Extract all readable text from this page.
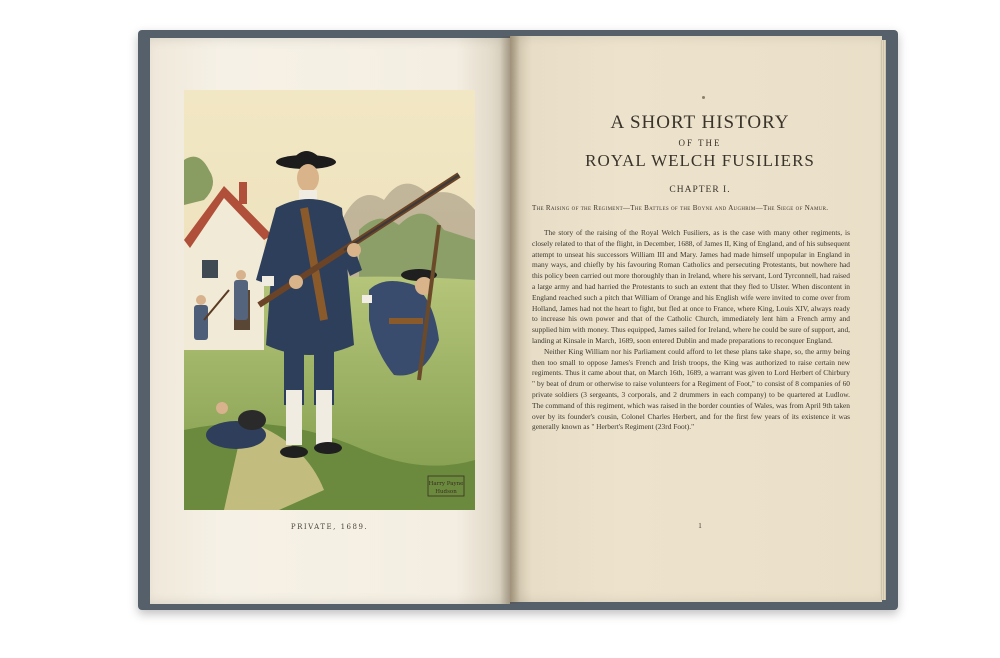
Harry Payne
Hudson
PRIVATE, 1689.
A SHORT HISTORY
OF THE
ROYAL WELCH FUSILIERS
CHAPTER I.
The Raising of the Regiment—The Battles of the Boyne and Aughrim—The Siege of Namur.

The story of the raising of the Royal Welch Fusiliers, as is the case with many other regiments, is closely related to that of the flight, in December, 1688, of James II, King of England, and of his subsequent attempt to unseat his successors William III and Mary. James had made himself unpopular in England in many ways, and chiefly by his favouring Roman Catholics and persecuting Protestants, but nowhere had this policy been carried out more thoroughly than in Ireland, where his servant, Lord Tyrconnell, had raised a large army and had harried the Protestants to such an extent that they fled to Ulster. When discontent in England reached such a pitch that William of Orange and his English wife were invited to come over from Holland, James had not the heart to fight, but fled at once to France, where King, Louis XIV, always ready to increase his own power and that of the Catholic Church, immediately lent him a French army and supplied him with money. Thus equipped, James sailed for Ireland, where he could be sure of support, and, landing at Kinsale in March, 1689, soon entered Dublin and made preparations to reconquer England.

Neither King William nor his Parliament could afford to let these plans take shape, so, the army being then too small to oppose James's French and Irish troops, the King was authorized to raise certain new regiments. Thus it came about that, on March 16th, 1689, a warrant was given to Lord Herbert of Chirbury " by beat of drum or otherwise to raise volunteers for a Regiment of Foot," to consist of 8 companies of 60 private soldiers (3 sergeants, 3 corporals, and 2 drummers in each company) to be quartered at Ludlow. The command of this regiment, which was raised in the border counties of Wales, was from April 9th taken over by its founder's cousin, Colonel Charles Herbert, and for the first few years of its existence it was generally known as " Herbert's Regiment (23rd Foot)."

1
